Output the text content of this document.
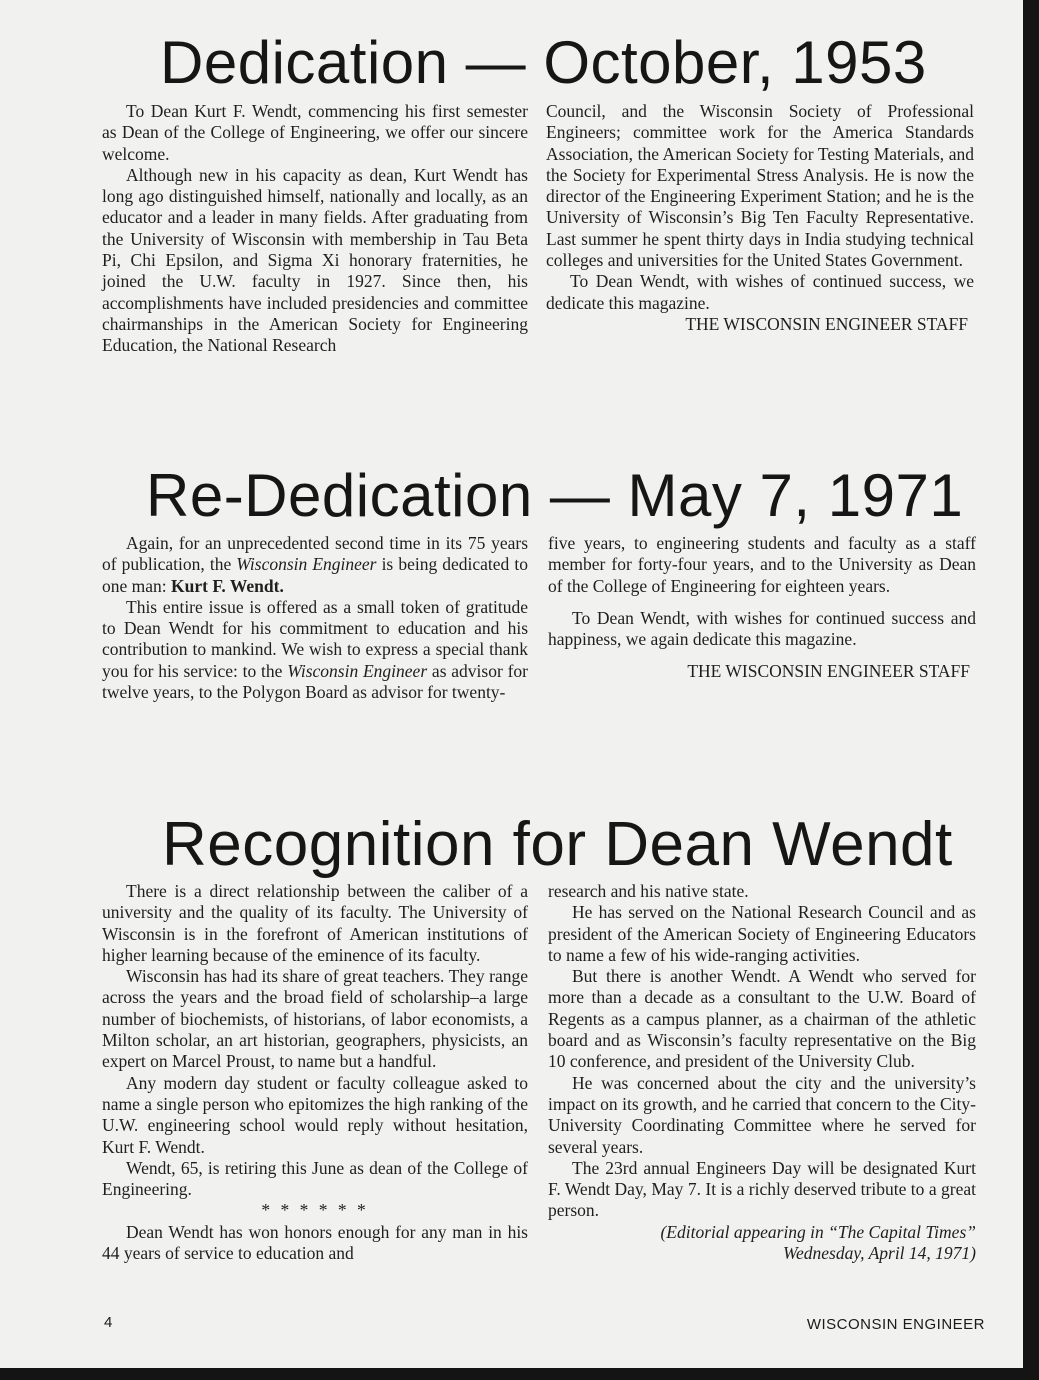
Dedication — October, 1953

To Dean Kurt F. Wendt, commencing his first semester as Dean of the College of Engineering, we offer our sincere welcome.

Although new in his capacity as dean, Kurt Wendt has long ago distinguished himself, nationally and locally, as an educator and a leader in many fields. After graduating from the University of Wisconsin with membership in Tau Beta Pi, Chi Epsilon, and Sigma Xi honorary fraternities, he joined the U.W. faculty in 1927. Since then, his accomplishments have included presidencies and committee chairmanships in the American Society for Engineering Education, the National Research

Council, and the Wisconsin Society of Professional Engineers; committee work for the America Standards Association, the American Society for Testing Materials, and the Society for Experimental Stress Analysis. He is now the director of the Engineering Experiment Station; and he is the University of Wisconsin’s Big Ten Faculty Representative. Last summer he spent thirty days in India studying technical colleges and universities for the United States Government.

To Dean Wendt, with wishes of continued success, we dedicate this magazine.

THE WISCONSIN ENGINEER STAFF

Re-Dedication — May 7, 1971

Again, for an unprecedented second time in its 75 years of publication, the Wisconsin Engineer is being dedicated to one man: Kurt F. Wendt.

This entire issue is offered as a small token of gratitude to Dean Wendt for his commitment to education and his contribution to mankind. We wish to express a special thank you for his service: to the Wisconsin Engineer as advisor for twelve years, to the Polygon Board as advisor for twenty-

five years, to engineering students and faculty as a staff member for forty-four years, and to the University as Dean of the College of Engineering for eighteen years.

To Dean Wendt, with wishes for continued success and happiness, we again dedicate this magazine.

THE WISCONSIN ENGINEER STAFF

Recognition for Dean Wendt

There is a direct relationship between the caliber of a university and the quality of its faculty. The University of Wisconsin is in the forefront of American institutions of higher learning because of the eminence of its faculty.

Wisconsin has had its share of great teachers. They range across the years and the broad field of scholarship–a large number of biochemists, of historians, of labor economists, a Milton scholar, an art historian, geographers, physicists, an expert on Marcel Proust, to name but a handful.

Any modern day student or faculty colleague asked to name a single person who epitomizes the high ranking of the U.W. engineering school would reply without hesitation, Kurt F. Wendt.

Wendt, 65, is retiring this June as dean of the College of Engineering.

* * * * * *

Dean Wendt has won honors enough for any man in his 44 years of service to education and

research and his native state.

He has served on the National Research Council and as president of the American Society of Engineering Educators to name a few of his wide-ranging activities.

But there is another Wendt. A Wendt who served for more than a decade as a consultant to the U.W. Board of Regents as a campus planner, as a chairman of the athletic board and as Wisconsin’s faculty representative on the Big 10 conference, and president of the University Club.

He was concerned about the city and the university’s impact on its growth, and he carried that concern to the City-University Coordinating Committee where he served for several years.

The 23rd annual Engineers Day will be designated Kurt F. Wendt Day, May 7. It is a richly deserved tribute to a great person.

(Editorial appearing in “The Capital Times”

Wednesday, April 14, 1971)

4	WISCONSIN ENGINEER
